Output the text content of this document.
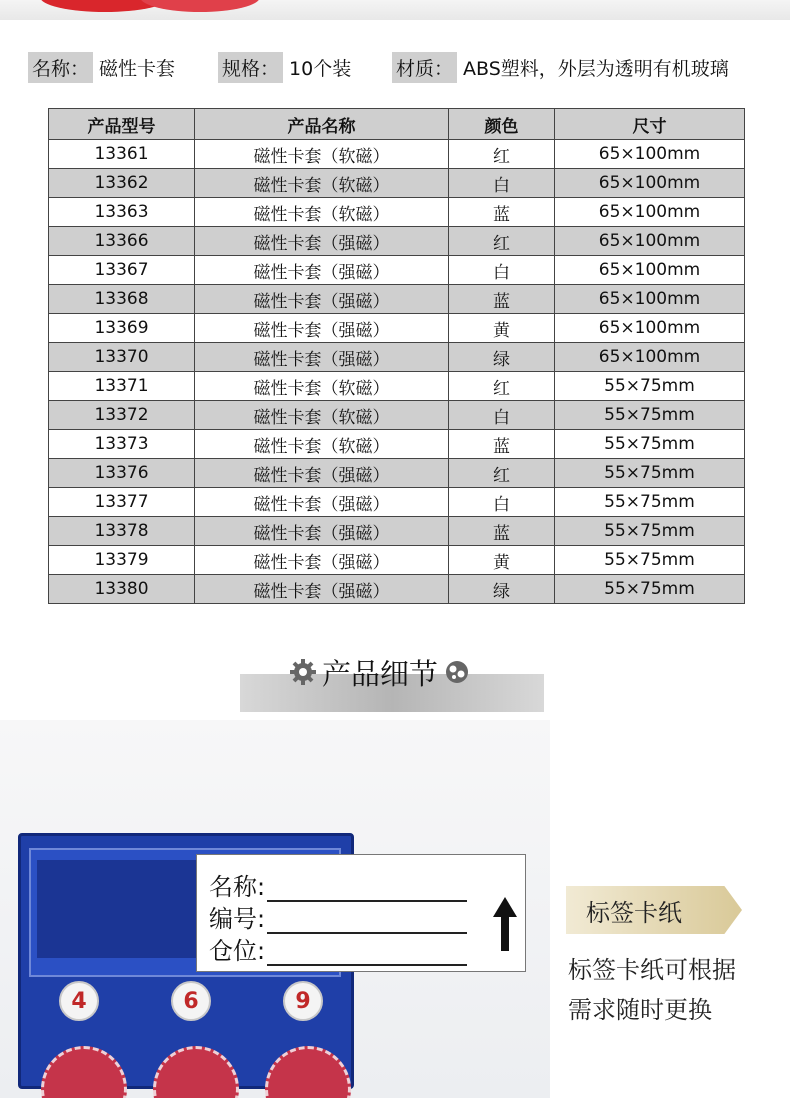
名称： 磁性卡套	规格： 10个装	材质： ABS塑料，外层为透明有机玻璃
产品型号	产品名称	颜色	尺寸
13361	磁性卡套（软磁）	红	65×100mm
13362	磁性卡套（软磁）	白	65×100mm
13363	磁性卡套（软磁）	蓝	65×100mm
13366	磁性卡套（强磁）	红	65×100mm
13367	磁性卡套（强磁）	白	65×100mm
13368	磁性卡套（强磁）	蓝	65×100mm
13369	磁性卡套（强磁）	黄	65×100mm
13370	磁性卡套（强磁）	绿	65×100mm
13371	磁性卡套（软磁）	红	55×75mm
13372	磁性卡套（软磁）	白	55×75mm
13373	磁性卡套（软磁）	蓝	55×75mm
13376	磁性卡套（强磁）	红	55×75mm
13377	磁性卡套（强磁）	白	55×75mm
13378	磁性卡套（强磁）	蓝	55×75mm
13379	磁性卡套（强磁）	黄	55×75mm
13380	磁性卡套（强磁）	绿	55×75mm
产品细节
4	6	9
名称:
编号:
仓位:
标签卡纸
标签卡纸可根据
需求随时更换
